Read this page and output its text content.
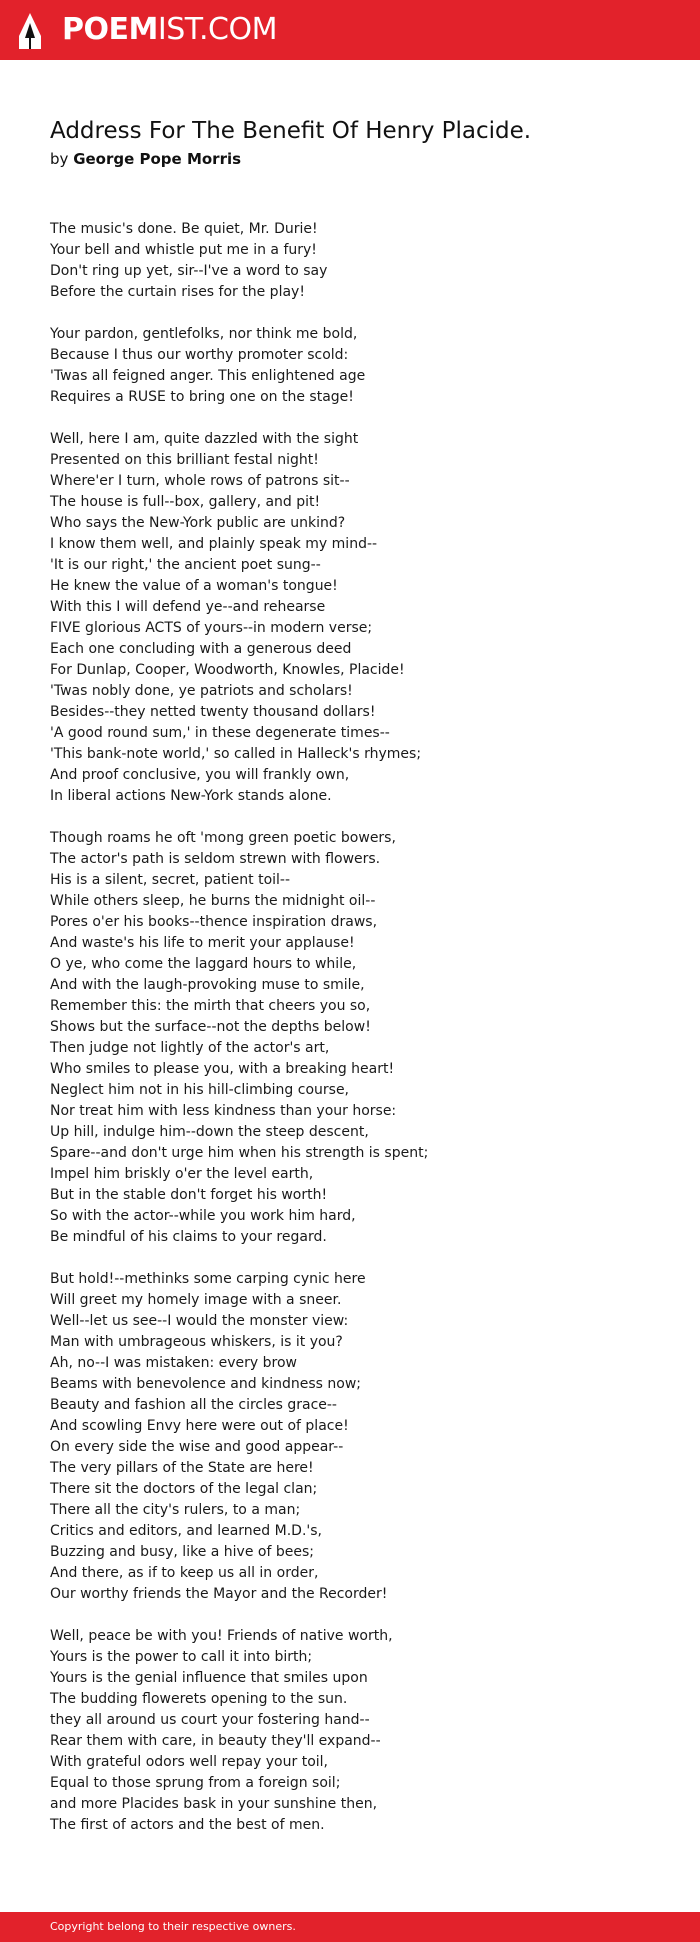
POEMIST.COM
Address For The Benefit Of Henry Placide.
by George Pope Morris
The music's done. Be quiet, Mr. Durie!
Your bell and whistle put me in a fury!
Don't ring up yet, sir--I've a word to say
Before the curtain rises for the play!
Your pardon, gentlefolks, nor think me bold,
Because I thus our worthy promoter scold:
'Twas all feigned anger. This enlightened age
Requires a RUSE to bring one on the stage!
Well, here I am, quite dazzled with the sight
Presented on this brilliant festal night!
Where'er I turn, whole rows of patrons sit--
The house is full--box, gallery, and pit!
Who says the New-York public are unkind?
I know them well, and plainly speak my mind--
'It is our right,' the ancient poet sung--
He knew the value of a woman's tongue!
With this I will defend ye--and rehearse
FIVE glorious ACTS of yours--in modern verse;
Each one concluding with a generous deed
For Dunlap, Cooper, Woodworth, Knowles, Placide!
'Twas nobly done, ye patriots and scholars!
Besides--they netted twenty thousand dollars!
'A good round sum,' in these degenerate times--
'This bank-note world,' so called in Halleck's rhymes;
And proof conclusive, you will frankly own,
In liberal actions New-York stands alone.
Though roams he oft 'mong green poetic bowers,
The actor's path is seldom strewn with flowers.
His is a silent, secret, patient toil--
While others sleep, he burns the midnight oil--
Pores o'er his books--thence inspiration draws,
And waste's his life to merit your applause!
O ye, who come the laggard hours to while,
And with the laugh-provoking muse to smile,
Remember this: the mirth that cheers you so,
Shows but the surface--not the depths below!
Then judge not lightly of the actor's art,
Who smiles to please you, with a breaking heart!
Neglect him not in his hill-climbing course,
Nor treat him with less kindness than your horse:
Up hill, indulge him--down the steep descent,
Spare--and don't urge him when his strength is spent;
Impel him briskly o'er the level earth,
But in the stable don't forget his worth!
So with the actor--while you work him hard,
Be mindful of his claims to your regard.
But hold!--methinks some carping cynic here
Will greet my homely image with a sneer.
Well--let us see--I would the monster view:
Man with umbrageous whiskers, is it you?
Ah, no--I was mistaken: every brow
Beams with benevolence and kindness now;
Beauty and fashion all the circles grace--
And scowling Envy here were out of place!
On every side the wise and good appear--
The very pillars of the State are here!
There sit the doctors of the legal clan;
There all the city's rulers, to a man;
Critics and editors, and learned M.D.'s,
Buzzing and busy, like a hive of bees;
And there, as if to keep us all in order,
Our worthy friends the Mayor and the Recorder!
Well, peace be with you! Friends of native worth,
Yours is the power to call it into birth;
Yours is the genial influence that smiles upon
The budding flowerets opening to the sun.
they all around us court your fostering hand--
Rear them with care, in beauty they'll expand--
With grateful odors well repay your toil,
Equal to those sprung from a foreign soil;
and more Placides bask in your sunshine then,
The first of actors and the best of men.
Copyright belong to their respective owners.
